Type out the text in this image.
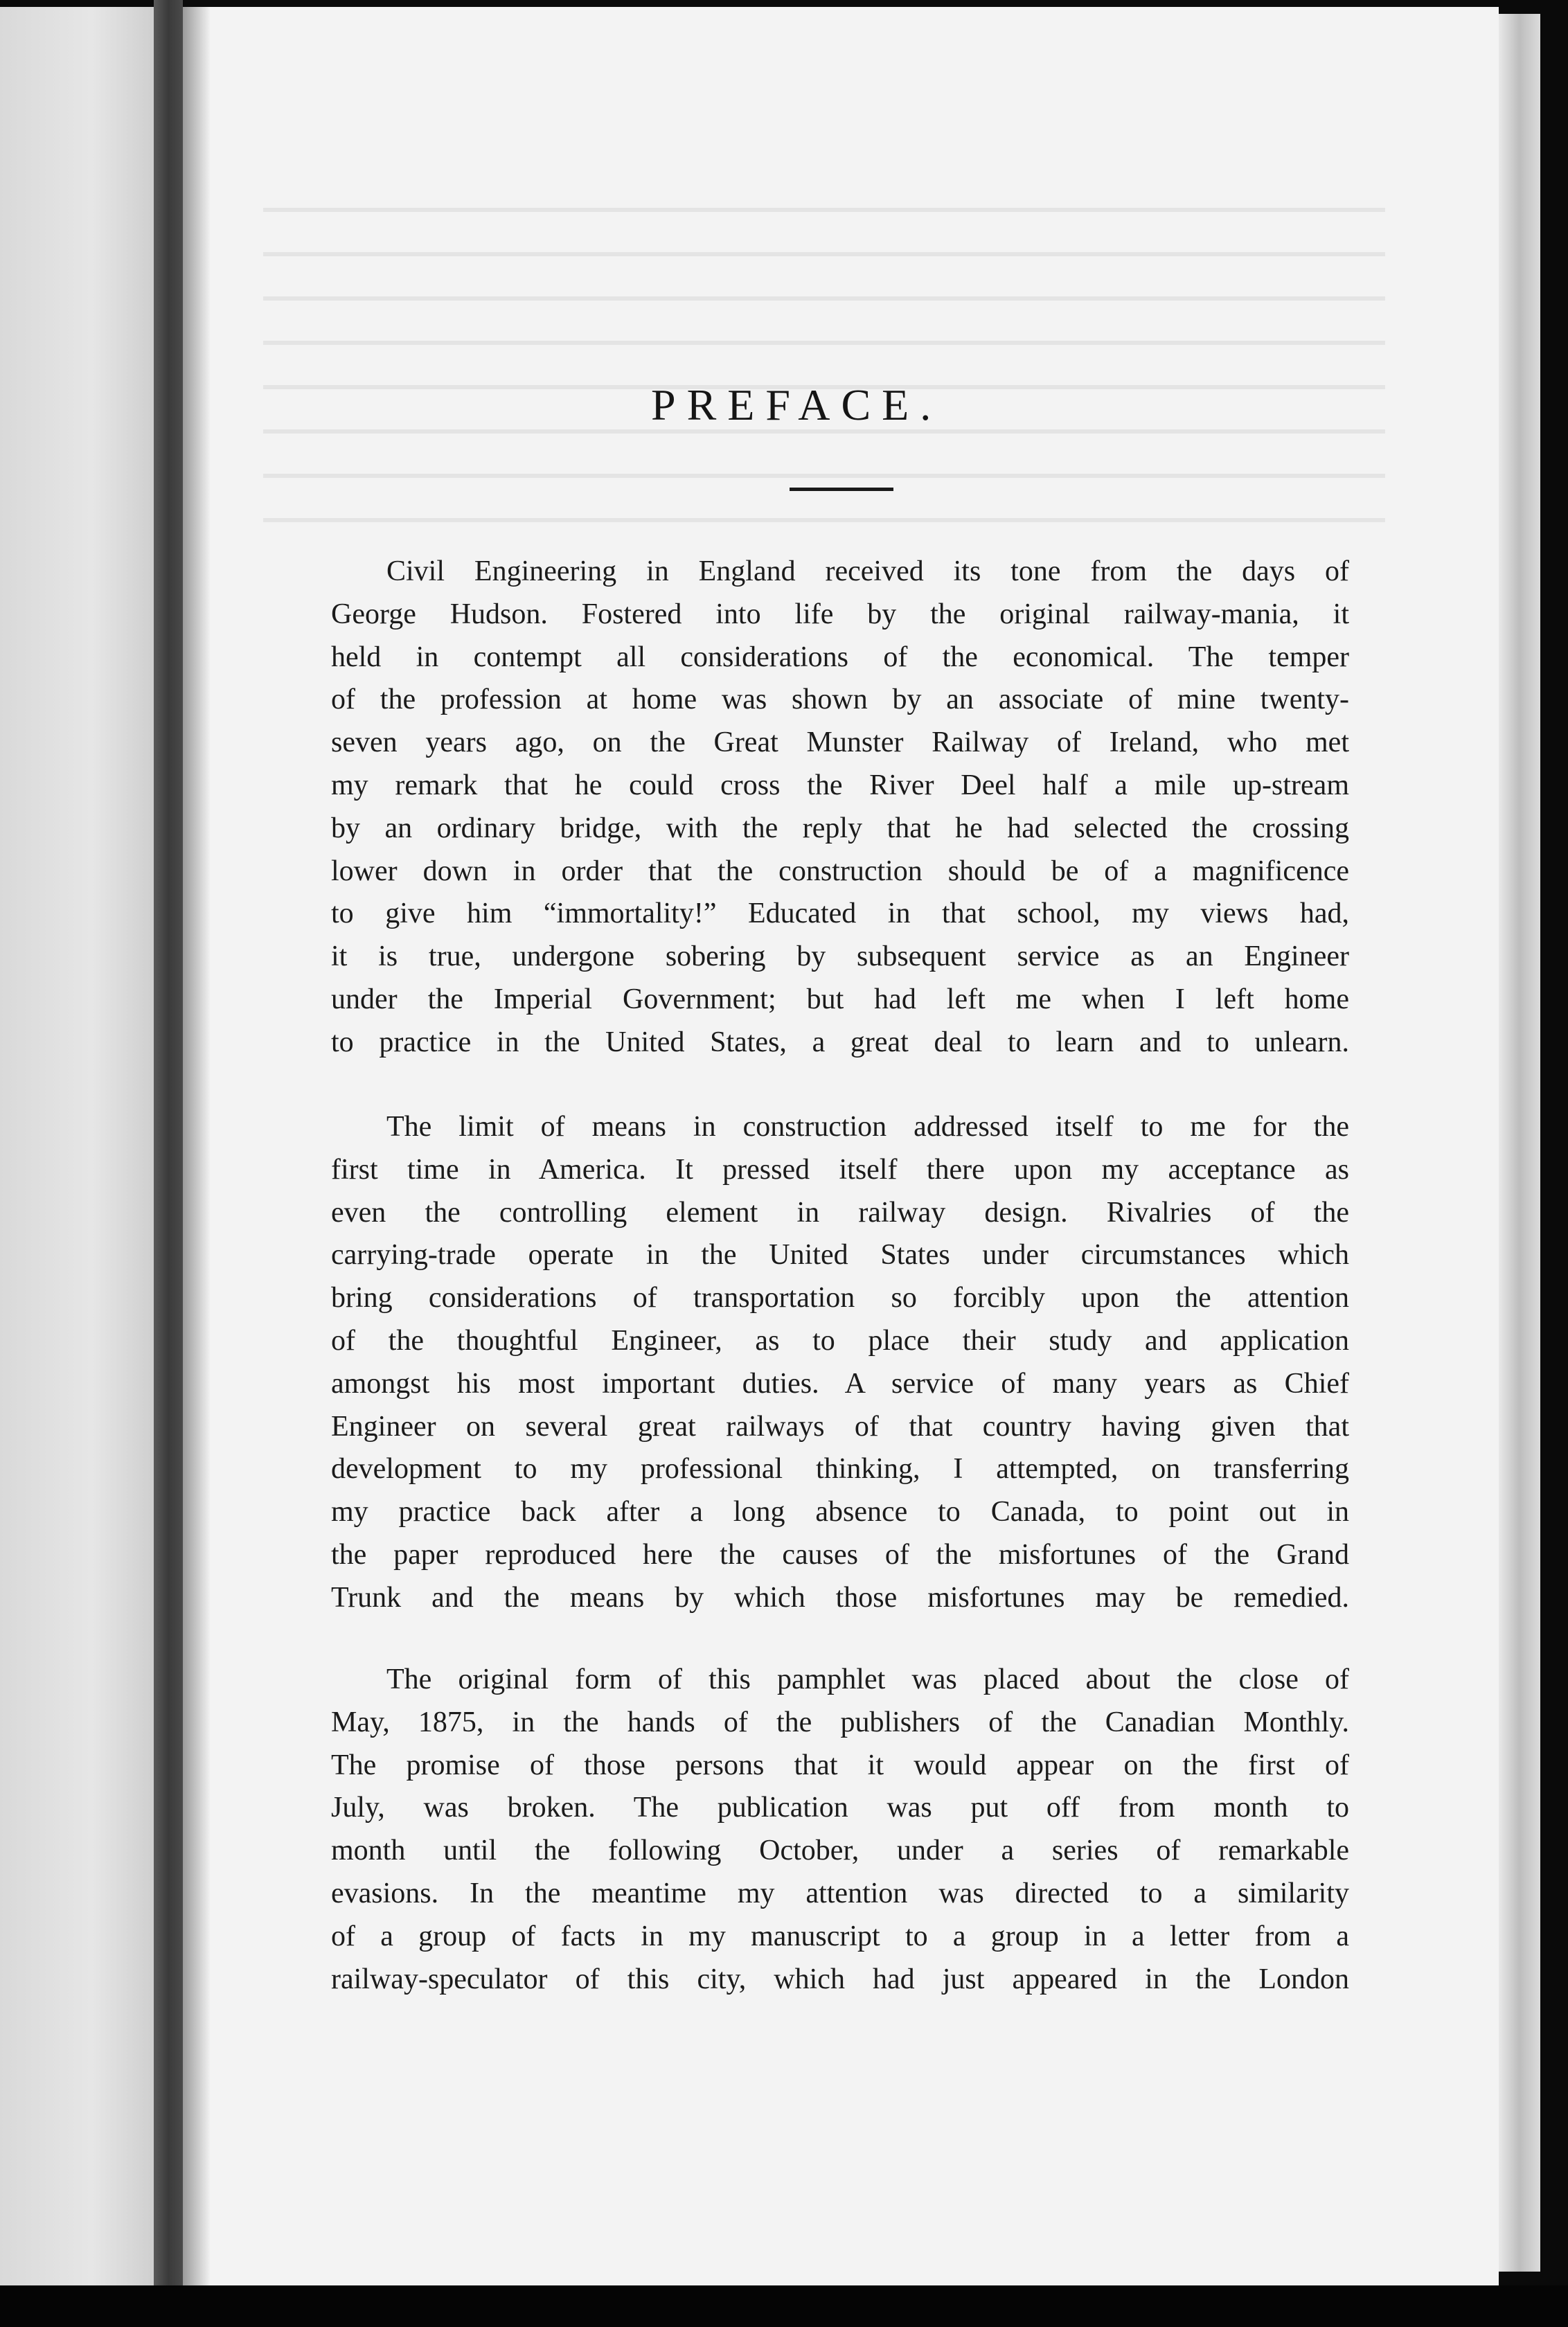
PREFACE.
Civil Engineering in England received its tone from the days of
George Hudson. Fostered into life by the original railway-mania, it
held in contempt all considerations of the economical. The temper
of the profession at home was shown by an associate of mine twenty-
seven years ago, on the Great Munster Railway of Ireland, who met
my remark that he could cross the River Deel half a mile up-stream
by an ordinary bridge, with the reply that he had selected the crossing
lower down in order that the construction should be of a magnificence
to give him “immortality!” Educated in that school, my views had,
it is true, undergone sobering by subsequent service as an Engineer
under the Imperial Government; but had left me when I left home
to practice in the United States, a great deal to learn and to unlearn.
The limit of means in construction addressed itself to me for the
first time in America. It pressed itself there upon my acceptance as
even the controlling element in railway design. Rivalries of the
carrying-trade operate in the United States under circumstances which
bring considerations of transportation so forcibly upon the attention
of the thoughtful Engineer, as to place their study and application
amongst his most important duties. A service of many years as Chief
Engineer on several great railways of that country having given that
development to my professional thinking, I attempted, on transferring
my practice back after a long absence to Canada, to point out in
the paper reproduced here the causes of the misfortunes of the Grand
Trunk and the means by which those misfortunes may be remedied.
The original form of this pamphlet was placed about the close of
May, 1875, in the hands of the publishers of the Canadian Monthly.
The promise of those persons that it would appear on the first of
July, was broken. The publication was put off from month to
month until the following October, under a series of remarkable
evasions. In the meantime my attention was directed to a similarity
of a group of facts in my manuscript to a group in a letter from a
railway-speculator of this city, which had just appeared in the London
